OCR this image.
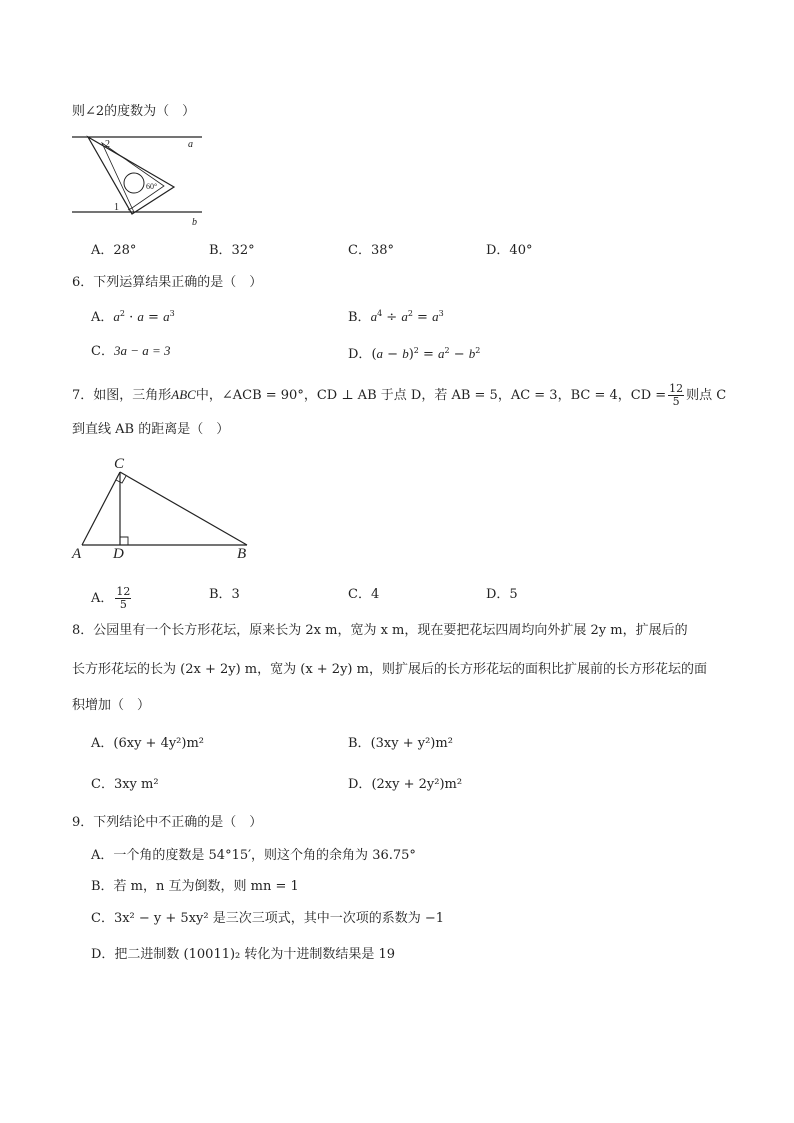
则∠2的度数为（　）
2
1
60°
a
b
A．28°	B．32°	C．38°	D．40°
6．下列运算结果正确的是（　）
A．$a^2 \cdot a = a^3$	B．$a^4 \div a^2 = a^3$
C．3a − a = 3	D．$(a - b)^2 = a^2 - b^2$
7．如图，三角形ABC中，∠ACB = 90°，CD ⊥ AB 于点 D，若 AB = 5，AC = 3，BC = 4，CD = $\frac{12}{5}$ 则点 C
到直线 AB 的距离是（　）
C
A D	B
A． $\frac{12}{5}$	B．3	C．4	D．5
8．公园里有一个长方形花坛，原来长为 2x m，宽为 x m，现在要把花坛四周均向外扩展 2y m，扩展后的
长方形花坛的长为 (2x + 2y) m，宽为 (x + 2y) m，则扩展后的长方形花坛的面积比扩展前的长方形花坛的面
积增加（　）
A．(6xy + 4y²)m²	B．(3xy + y²)m²
C．3xy m²	D．(2xy + 2y²)m²
9．下列结论中不正确的是（　）
A．一个角的度数是 54°15′，则这个角的余角为 36.75°
B．若 m，n 互为倒数，则 mn = 1
C．3x² − y + 5xy² 是三次三项式，其中一次项的系数为 −1
D．把二进制数 (10011)₂ 转化为十进制数结果是 19
